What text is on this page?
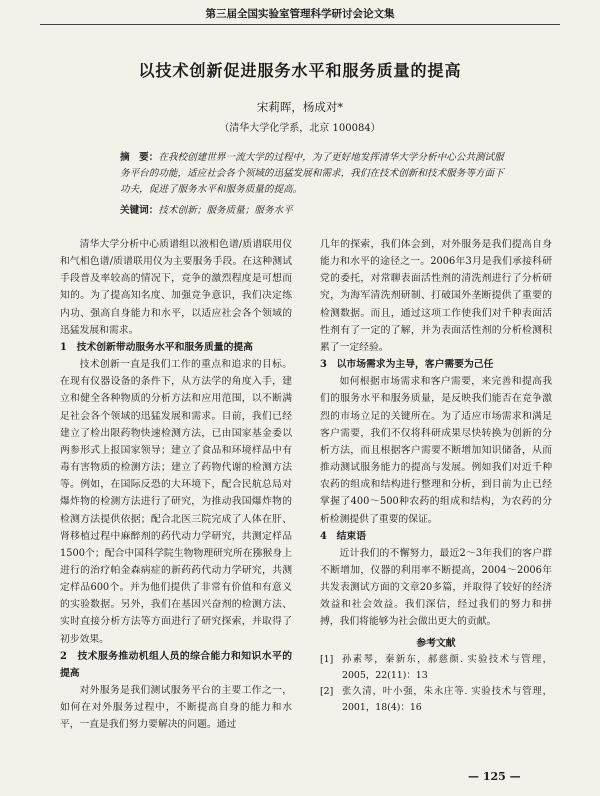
第三届全国实验室管理科学研讨会论文集
以技术创新促进服务水平和服务质量的提高
宋莉晖，杨成对*
（清华大学化学系，北京 100084）
摘　要：在我校创建世界一流大学的过程中，为了更好地发挥清华大学分析中心公共测试服务平台的功能，适应社会各个领域的迅猛发展和需求，我们在技术创新和技术服务等方面下功夫，促进了服务水平和服务质量的提高。
关键词：技术创新；服务质量；服务水平

清华大学分析中心质谱组以液相色谱/质谱联用仪和气相色谱/质谱联用仪为主要服务手段。在这种测试手段普及率较高的情况下，竞争的激烈程度是可想而知的。为了提高知名度、加强竞争意识，我们决定练内功、强高自身能力和水平，以适应社会各个领域的迅猛发展和需求。

1　技术创新带动服务水平和服务质量的提高

技术创新一直是我们工作的重点和追求的目标。在现有仪器设备的条件下，从方法学的角度入手，建立和健全各种物质的分析方法和应用范围，以不断满足社会各个领域的迅猛发展和需求。目前，我们已经建立了检出限药物快速检测方法，已由国家基金委以两参形式上报国家领导；建立了食品和环境样品中有毒有害物质的检测方法；建立了药物代谢的检测方法等。例如，在国际反恐的大环境下，配合民航总局对爆炸物的检测方法进行了研究，为推动我国爆炸物的检测方法提供依据；配合北医三院完成了人体在肝、肾移植过程中麻醉剂的药代动力学研究，共测定样品1500个；配合中国科学院生物物理研究所在猕猴身上进行的治疗帕金森病症的新药药代动力学研究，共测定样品600个。并为他们提供了非常有价值和有意义的实验数据。另外，我们在基因兴奋剂的检测方法、实时直接分析方法等方面进行了研究探索，并取得了初步效果。

2　技术服务推动机组人员的综合能力和知识水平的提高

对外服务是我们测试服务平台的主要工作之一，如何在对外服务过程中，不断提高自身的能力和水平，一直是我们努力要解决的问题。通过

几年的探索，我们体会到，对外服务是我们提高自身能力和水平的途径之一。2006年3月是我们承接科研党的委托，对常聊表面活性剂的清洗剂进行了分析研究，为海军清洗剂研制、打破国外垄断提供了重要的检测数据。而且，通过这项工作使我们对千种表面活性剂有了一定的了解，并为表面活性剂的分析检测积累了一定经验。

3　以市场需求为主导，客户需要为己任

如何根据市场需求和客户需要，来完善和提高我们的服务水平和服务质量，是反映我们能否在竞争激烈的市场立足的关键所在。为了适应市场需求和满足客户需要，我们不仅将科研成果尽快转换为创新的分析方法，而且根据客户需要不断增加知识储备，从而推动测试服务能力的提高与发展。例如我们对近千种农药的组成和结构进行整理和分析，到目前为止已经掌握了400～500种农药的组成和结构，为农药的分析检测提供了重要的保证。

4　结束语

近计我们的不懈努力，最近2～3年我们的客户群不断增加，仪器的利用率不断提高，2004～2006年共发表测试方面的文章20多篇，并取得了较好的经济效益和社会效益。我们深信，经过我们的努力和拼搏，我们将能够为社会做出更大的贡献。

参考文献
[1] 孙素琴，秦新东，郝慈颜. 实验技术与管理，2005，22(11)：13
[2] 张久清，叶小强，朱永庄等. 实验技术与管理，2001，18(4)：16
— 125 —
